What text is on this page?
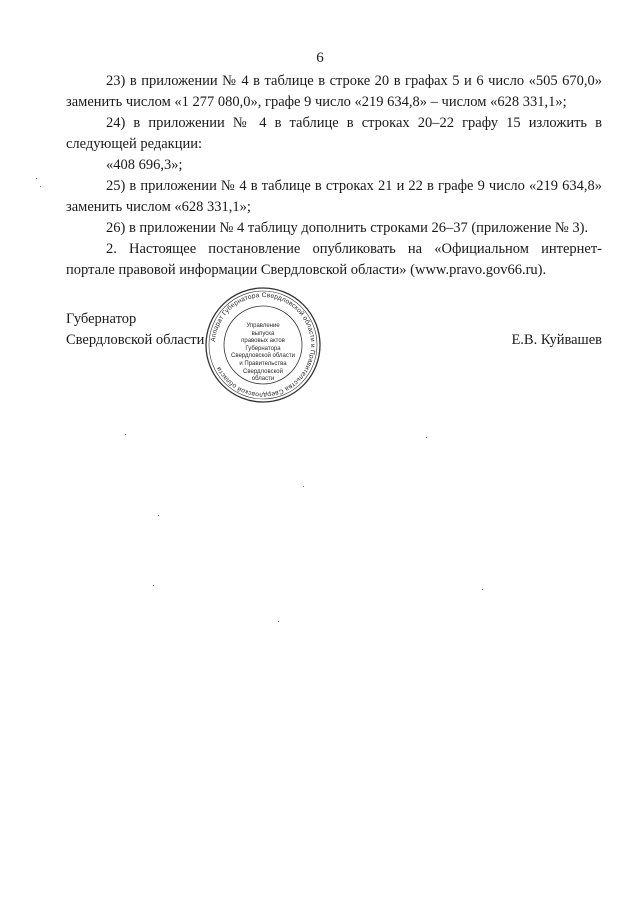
6

23) в приложении № 4 в таблице в строке 20 в графах 5 и 6 число «505 670,0» заменить числом «1 277 080,0», графе 9 число «219 634,8» – числом «628 331,1»;

24) в приложении № 4 в таблице в строках 20–22 графу 15 изложить в следующей редакции:

«408 696,3»;

25) в приложении № 4 в таблице в строках 21 и 22 в графе 9 число «219 634,8» заменить числом «628 331,1»;

26) в приложении № 4 таблицу дополнить строками 26–37 (приложение № 3).

2. Настоящее постановление опубликовать на «Официальном интернет- портале правовой информации Свердловской области» (www.pravo.gov66.ru).

Губернатор
Свердловской области	Е.В. Куйвашев
Аппарат Губернатора Свердловской области и Правительства Свердловской области
Управление
выпуска
правовых актов
Губернатора
Свердловской области
и Правительства
Свердловской
области
